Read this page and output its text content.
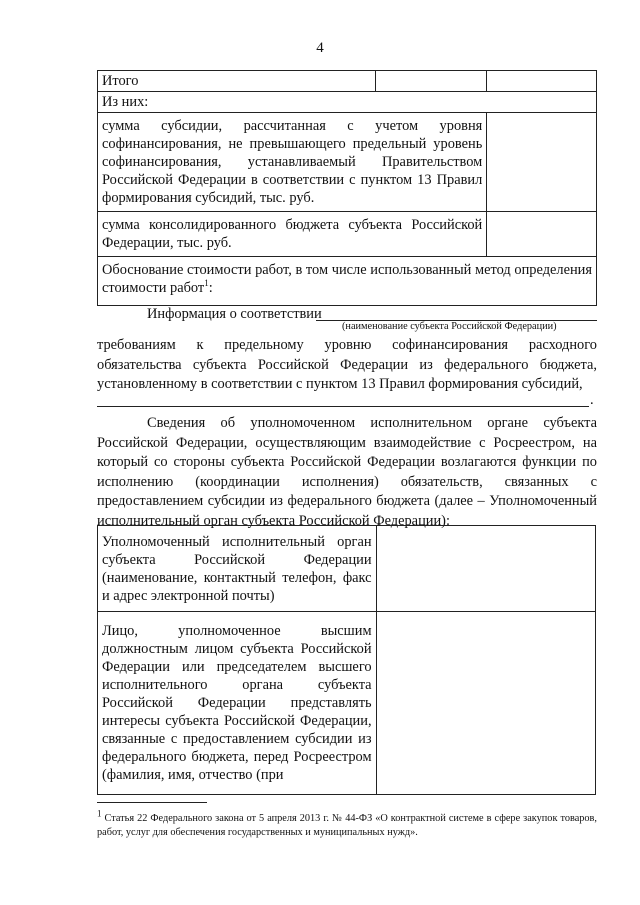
4
Итого		
Из них:		
сумма субсидии, рассчитанная с учетом уровня софинансирования, не превышающего предельный уровень софинансирования, устанавливаемый Правительством Российской Федерации в соответствии с пунктом 13 Правил формирования субсидий, тыс. руб.		
сумма консолидированного бюджета субъекта Российской Федерации, тыс. руб.		
Обоснование стоимости работ, в том числе использованный метод определения стоимости работ$^1$:		
Информация о соответствии
(наименование субъекта Российской Федерации)
требованиям к предельному уровню софинансирования расходного обязательства субъекта Российской Федерации из федерального бюджета, установленному в соответствии с пунктом 13 Правил формирования субсидий,
.
Сведения об уполномоченном исполнительном органе субъекта Российской Федерации, осуществляющим взаимодействие с Росреестром, на который со стороны субъекта Российской Федерации возлагаются функции по исполнению (координации исполнения) обязательств, связанных с предоставлением субсидии из федерального бюджета (далее – Уполномоченный исполнительный орган субъекта Российской Федерации):
Уполномоченный исполнительный орган субъекта Российской Федерации (наименование, контактный телефон, факс и адрес электронной почты)	
Лицо, уполномоченное высшим должностным лицом субъекта Российской Федерации или председателем высшего исполнительного органа субъекта Российской Федерации представлять интересы субъекта Российской Федерации, связанные с предоставлением субсидии из федерального бюджета, перед Росреестром (фамилия, имя, отчество (при	
$^1$ Статья 22 Федерального закона от 5 апреля 2013 г. № 44-ФЗ «О контрактной системе в сфере закупок товаров, работ, услуг для обеспечения государственных и муниципальных нужд».
